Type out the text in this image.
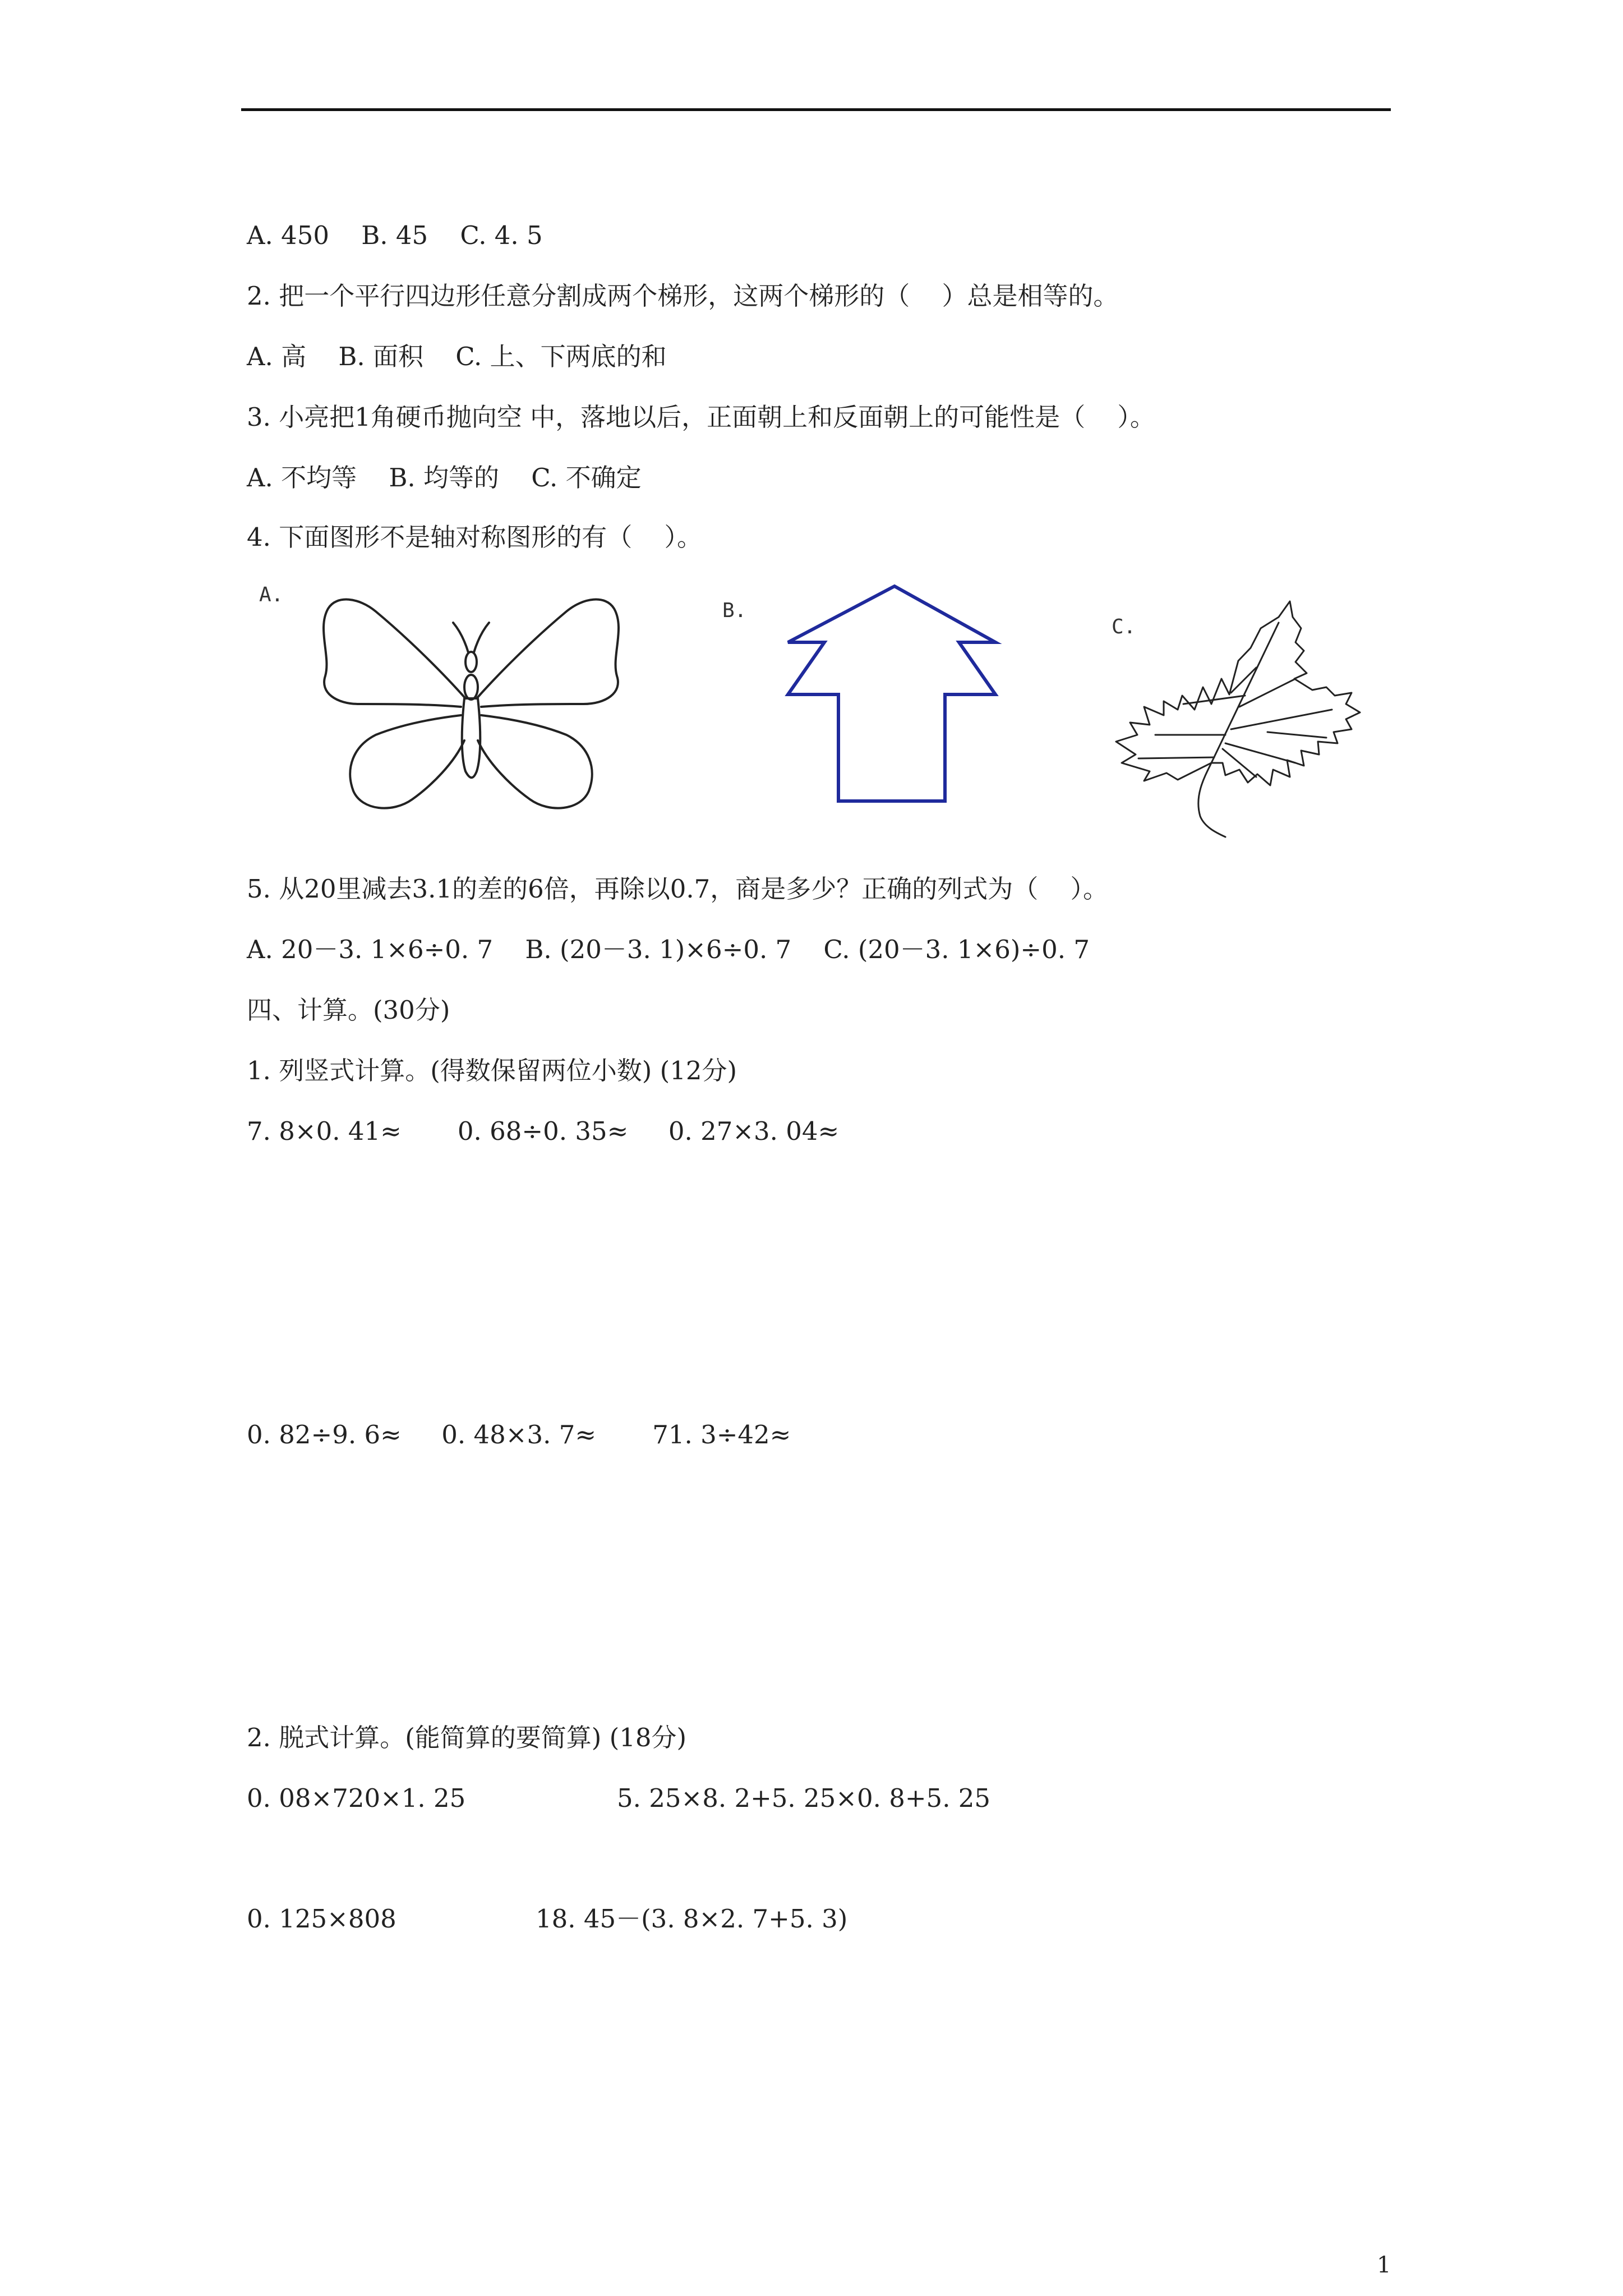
A. 450    B. 45    C. 4. 5
2. 把一个平行四边形任意分割成两个梯形，这两个梯形的（    ）总是相等的。
A. 高    B. 面积    C. 上、下两底的和
3. 小亮把1角硬币抛向空 中，落地以后，正面朝上和反面朝上的可能性是（    ）。
A. 不均等    B. 均等的    C. 不确定
4. 下面图形不是轴对称图形的有（    ）。
A.
B.
C.
5. 从20里减去3.1的差的6倍，再除以0.7，商是多少？正确的列式为（    ）。
A. 20－3. 1×6÷0. 7    B. (20－3. 1)×6÷0. 7    C. (20－3. 1×6)÷0. 7
四、计算。(30分)
1. 列竖式计算。(得数保留两位小数) (12分)
7. 8×0. 41≈       0. 68÷0. 35≈     0. 27×3. 04≈
0. 82÷9. 6≈     0. 48×3. 7≈       71. 3÷42≈
2. 脱式计算。(能简算的要简算) (18分)
0. 08×720×1. 25	5. 25×8. 2+5. 25×0. 8+5. 25
0. 125×808	18. 45－(3. 8×2. 7+5. 3)
1
